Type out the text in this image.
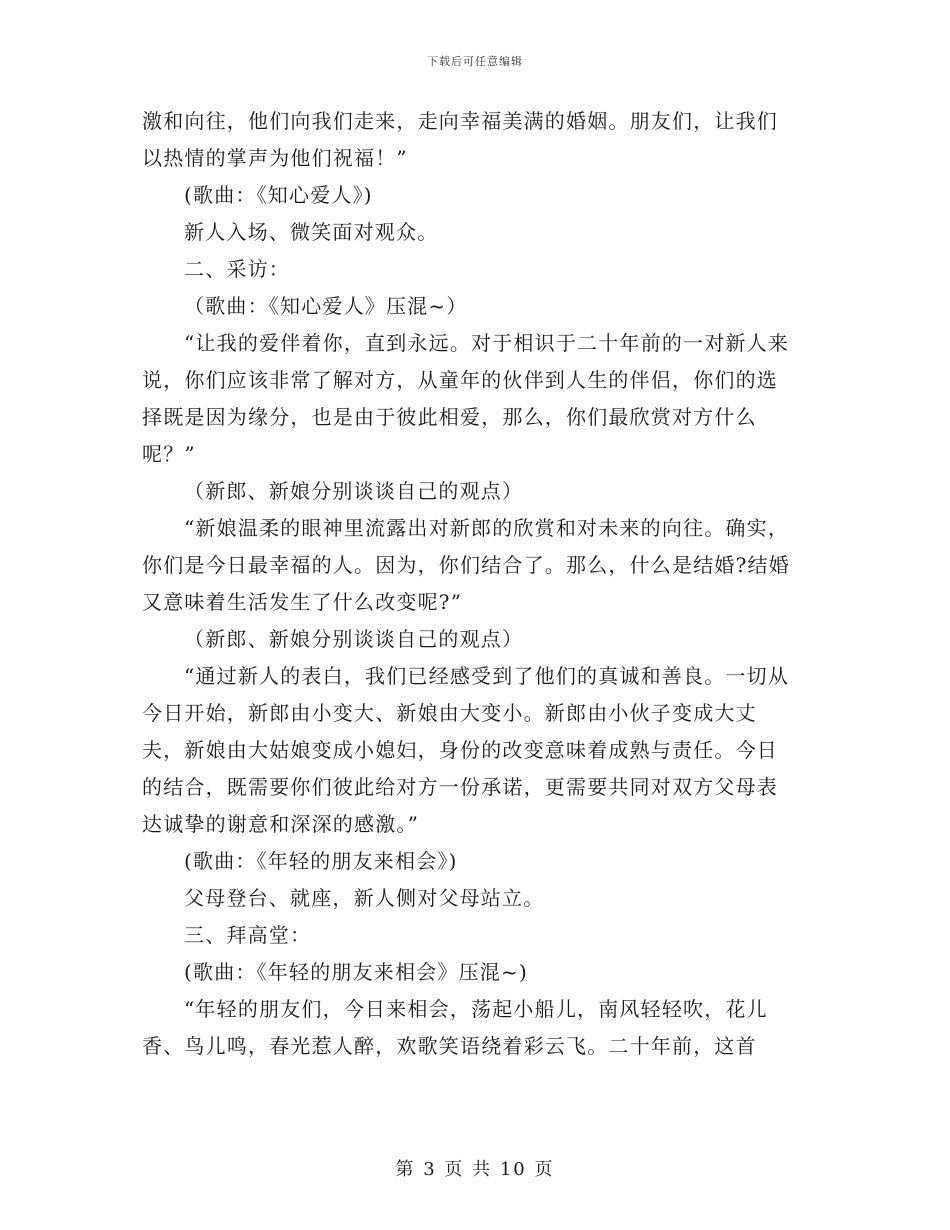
下载后可任意编辑

激和向往，他们向我们走来，走向幸福美满的婚姻。朋友们，让我们以热情的掌声为他们祝福！”

(歌曲：《知心爱人》)

新人入场、微笑面对观众。

二、采访：

（歌曲：《知心爱人》压混~）

“让我的爱伴着你，直到永远。对于相识于二十年前的一对新人来说，你们应该非常了解对方，从童年的伙伴到人生的伴侣，你们的选择既是因为缘分，也是由于彼此相爱，那么，你们最欣赏对方什么呢？”

（新郎、新娘分别谈谈自己的观点）

“新娘温柔的眼神里流露出对新郎的欣赏和对未来的向往。确实，你们是今日最幸福的人。因为，你们结合了。那么，什么是结婚?结婚又意味着生活发生了什么改变呢?”

（新郎、新娘分别谈谈自己的观点）

“通过新人的表白，我们已经感受到了他们的真诚和善良。一切从今日开始，新郎由小变大、新娘由大变小。新郎由小伙子变成大丈夫，新娘由大姑娘变成小媳妇，身份的改变意味着成熟与责任。今日的结合，既需要你们彼此给对方一份承诺，更需要共同对双方父母表达诚挚的谢意和深深的感激。”

(歌曲：《年轻的朋友来相会》)

父母登台、就座，新人侧对父母站立。

三、拜高堂：

(歌曲：《年轻的朋友来相会》压混~)

“年轻的朋友们，今日来相会，荡起小船儿，南风轻轻吹，花儿香、鸟儿鸣，春光惹人醉，欢歌笑语绕着彩云飞。二十年前，这首

第 3 页 共 10 页
